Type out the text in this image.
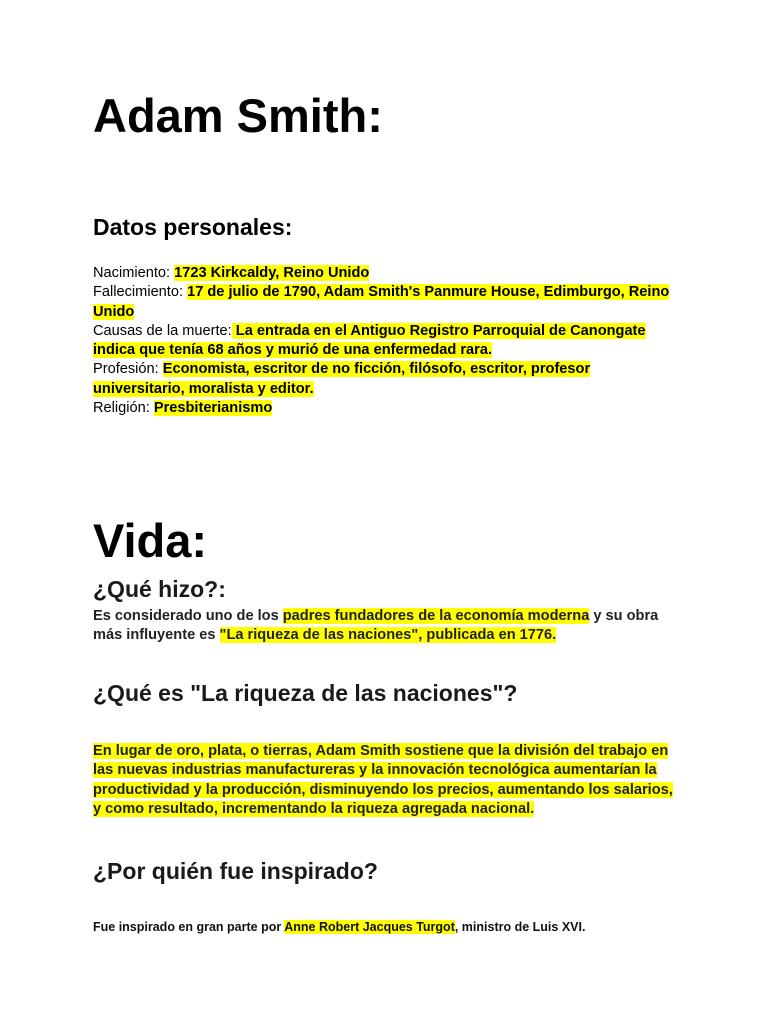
Adam Smith:
Datos personales:

Nacimiento: 1723 Kirkcaldy, Reino Unido

Fallecimiento: 17 de julio de 1790, Adam Smith's Panmure House, Edimburgo, Reino Unido

Causas de la muerte: La entrada en el Antiguo Registro Parroquial de Canongate indica que tenía 68 años y murió de una enfermedad rara.

Profesión: Economista, escritor de no ficción, filósofo, escritor, profesor universitario, moralista y editor.

Religión: Presbiterianismo

Vida:
¿Qué hizo?:

Es considerado uno de los padres fundadores de la economía moderna y su obra más influyente es "La riqueza de las naciones", publicada en 1776.

¿Qué es "La riqueza de las naciones"?

En lugar de oro, plata, o tierras, Adam Smith sostiene que la división del trabajo en las nuevas industrias manufactureras y la innovación tecnológica aumentarían la productividad y la producción, disminuyendo los precios, aumentando los salarios, y como resultado, incrementando la riqueza agregada nacional.

¿Por quién fue inspirado?

Fue inspirado en gran parte por Anne Robert Jacques Turgot, ministro de Luis XVI.
